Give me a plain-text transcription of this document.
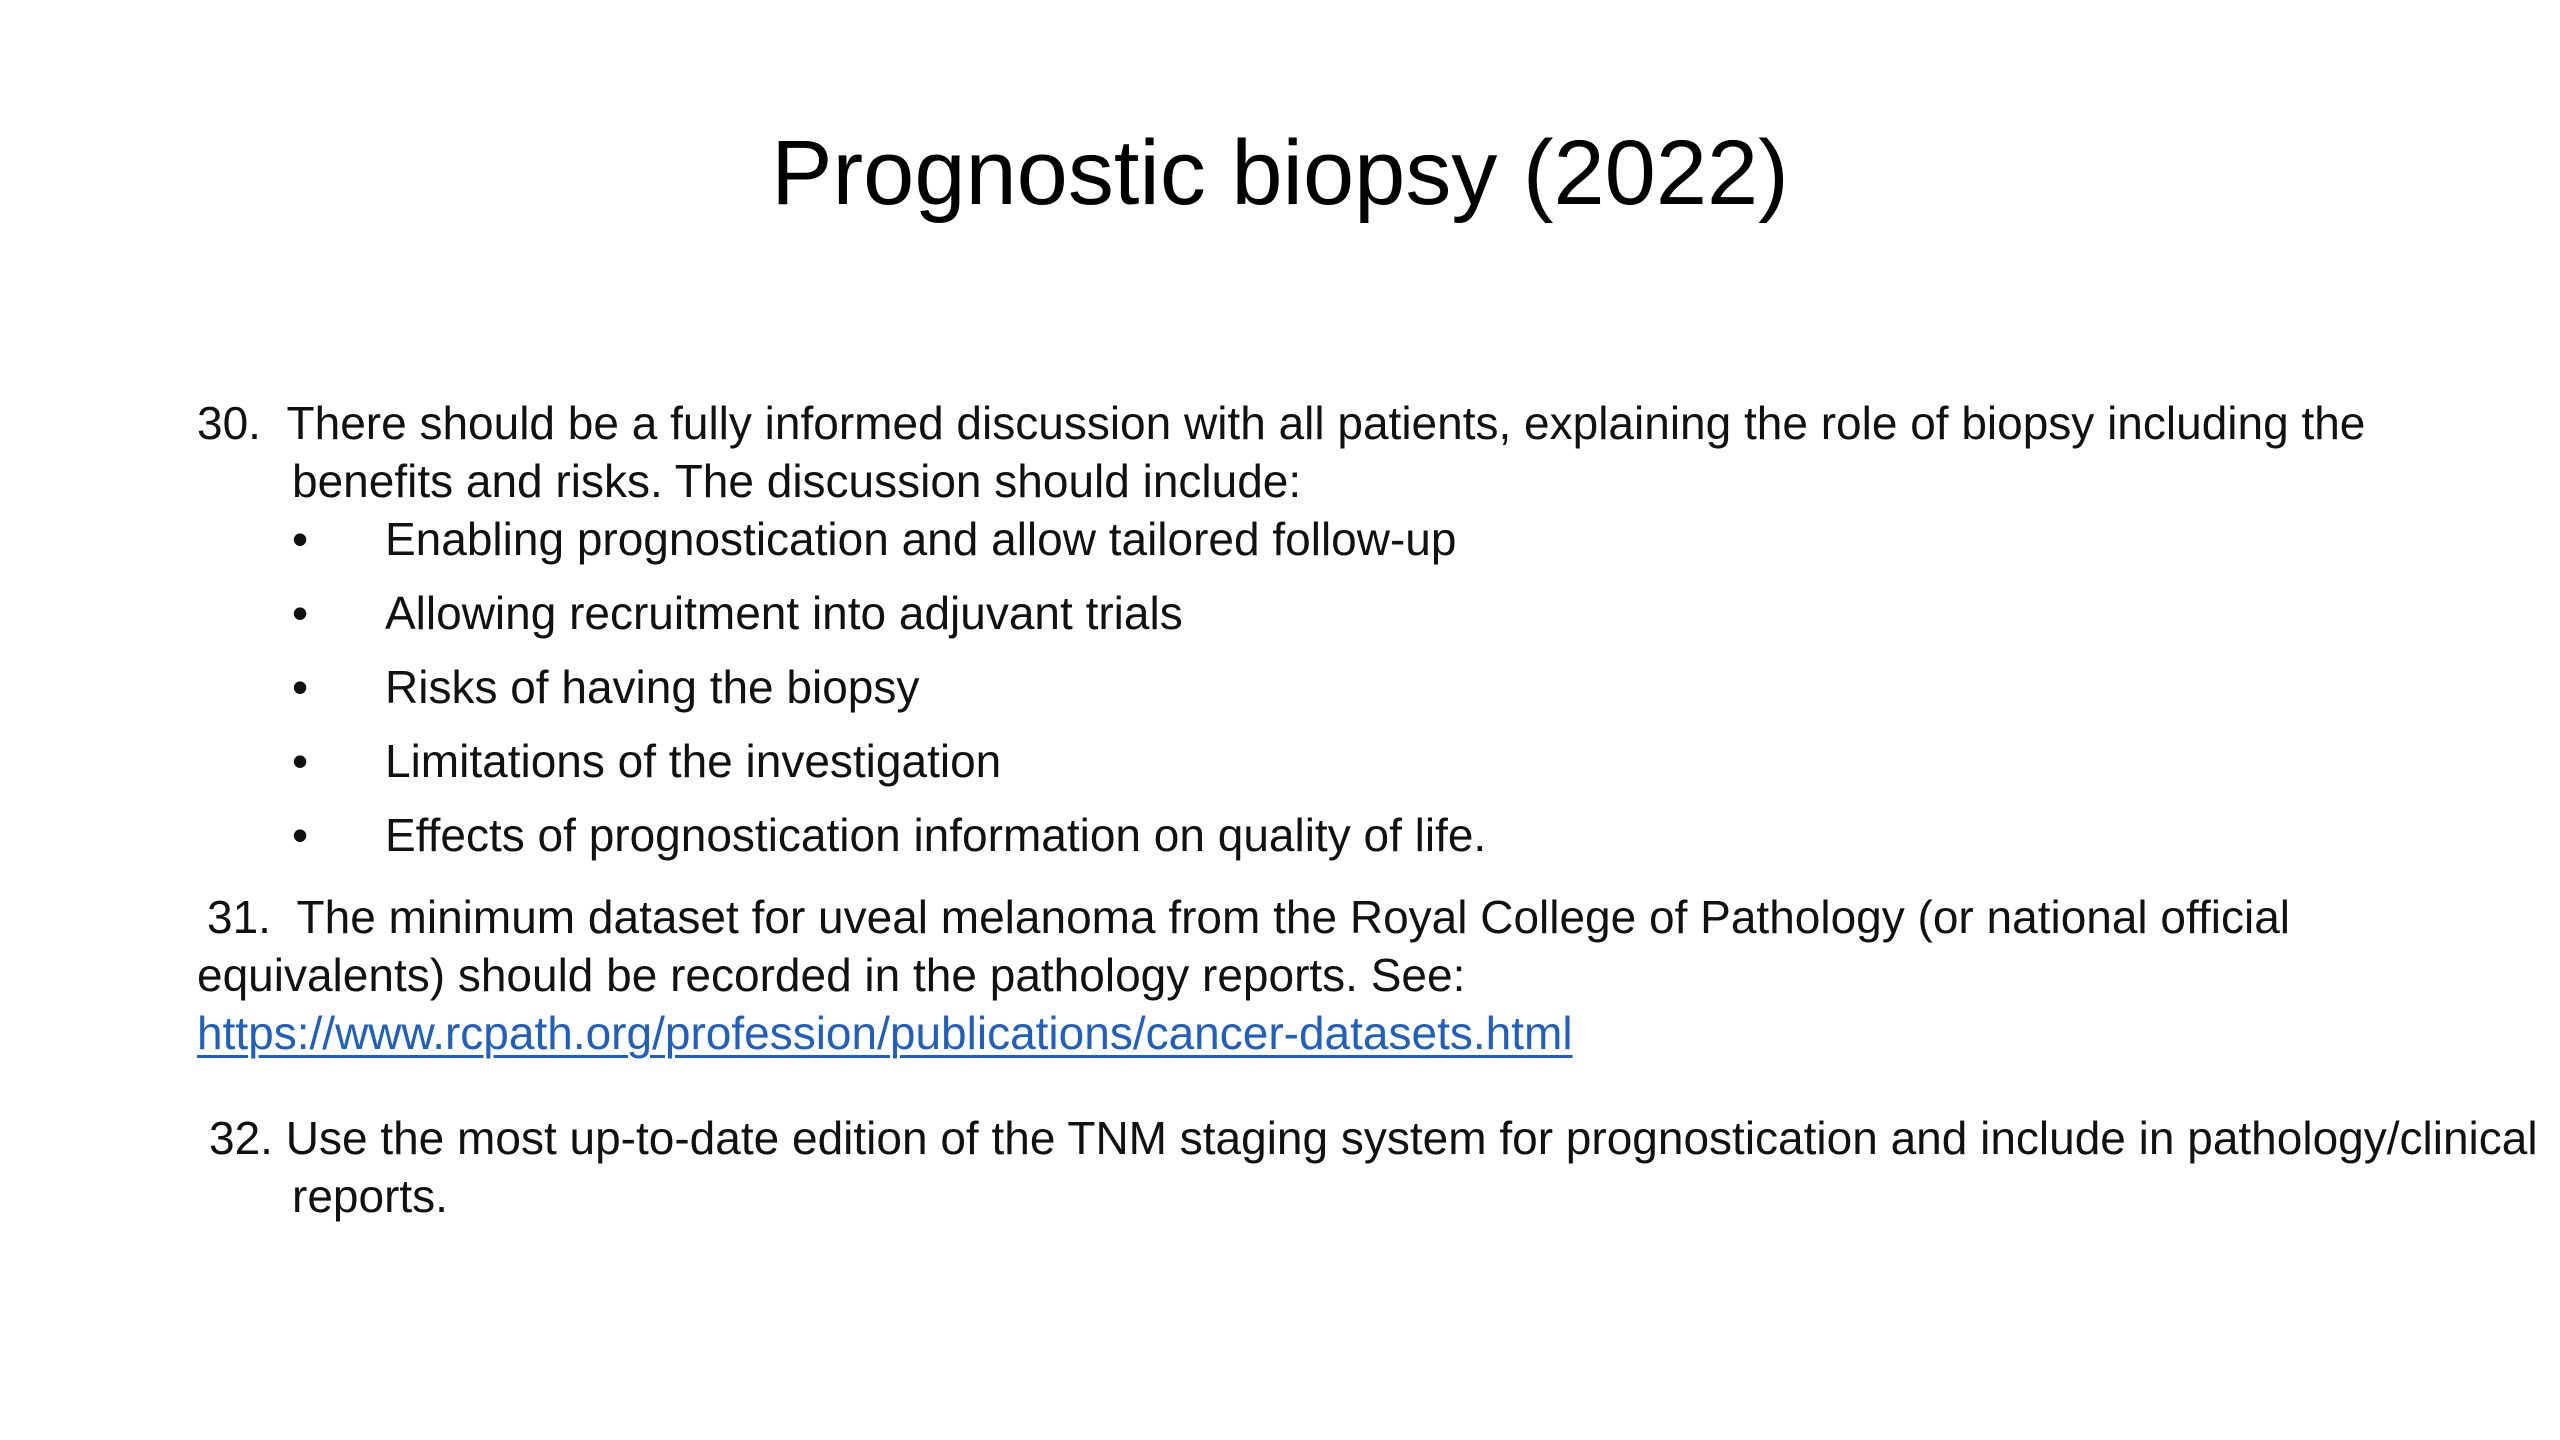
Prognostic biopsy (2022)
30. There should be a fully informed discussion with all patients, explaining the role of biopsy including the benefits and risks. The discussion should include:
•	Enabling prognostication and allow tailored follow-up
•	Allowing recruitment into adjuvant trials
•	Risks of having the biopsy
•	Limitations of the investigation
•	Effects of prognostication information on quality of life.
31. The minimum dataset for uveal melanoma from the Royal College of Pathology (or national official equivalents) should be recorded in the pathology reports. See:
https://www.rcpath.org/profession/publications/cancer-datasets.html
32. Use the most up-to-date edition of the TNM staging system for prognostication and include in pathology/clinical reports.
